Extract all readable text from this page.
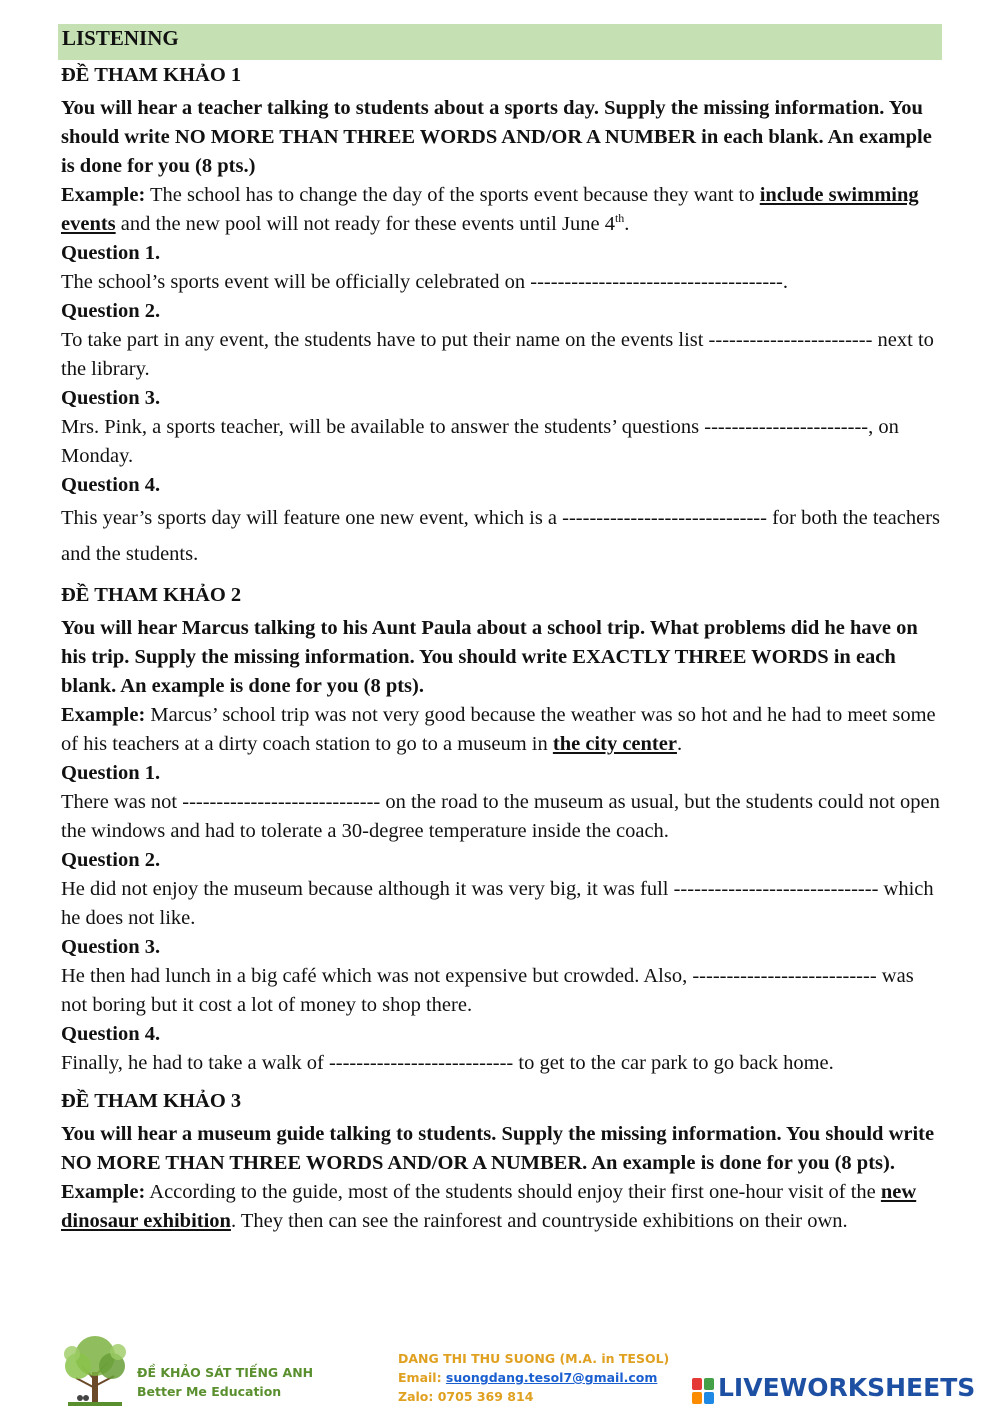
LISTENING
ĐỀ THAM KHẢO 1
You will hear a teacher talking to students about a sports day. Supply the missing information. You should write NO MORE THAN THREE WORDS AND/OR A NUMBER in each blank. An example is done for you (8 pts.)
Example: The school has to change the day of the sports event because they want to include swimming events and the new pool will not ready for these events until June 4th.
Question 1.
The school’s sports event will be officially celebrated on -------------------------------------.
Question 2.
To take part in any event, the students have to put their name on the events list ------------------------ next to the library.
Question 3.
Mrs. Pink, a sports teacher, will be available to answer the students’ questions ------------------------, on Monday.
Question 4.
This year’s sports day will feature one new event, which is a ------------------------------ for both the teachers and the students.
ĐỀ THAM KHẢO 2
You will hear Marcus talking to his Aunt Paula about a school trip. What problems did he have on his trip. Supply the missing information. You should write EXACTLY THREE WORDS in each blank. An example is done for you (8 pts).
Example: Marcus’ school trip was not very good because the weather was so hot and he had to meet some of his teachers at a dirty coach station to go to a museum in the city center.
Question 1.
There was not ----------------------------- on the road to the museum as usual, but the students could not open the windows and had to tolerate a 30-degree temperature inside the coach.
Question 2.
He did not enjoy the museum because although it was very big, it was full ------------------------------ which he does not like.
Question 3.
He then had lunch in a big café which was not expensive but crowded. Also, --------------------------- was not boring but it cost a lot of money to shop there.
Question 4.
Finally, he had to take a walk of --------------------------- to get to the car park to go back home.
ĐỀ THAM KHẢO 3
You will hear a museum guide talking to students. Supply the missing information. You should write NO MORE THAN THREE WORDS AND/OR A NUMBER. An example is done for you (8 pts).
Example: According to the guide, most of the students should enjoy their first one-hour visit of the new dinosaur exhibition. They then can see the rainforest and countryside exhibitions on their own.
ĐỀ KHẢO SÁT TIẾNG ANH
Better Me Education
DANG THI THU SUONG (M.A. in TESOL)
Email: suongdang.tesol7@gmail.com
Zalo: 0705 369 814	LIVEWORKSHEETS
